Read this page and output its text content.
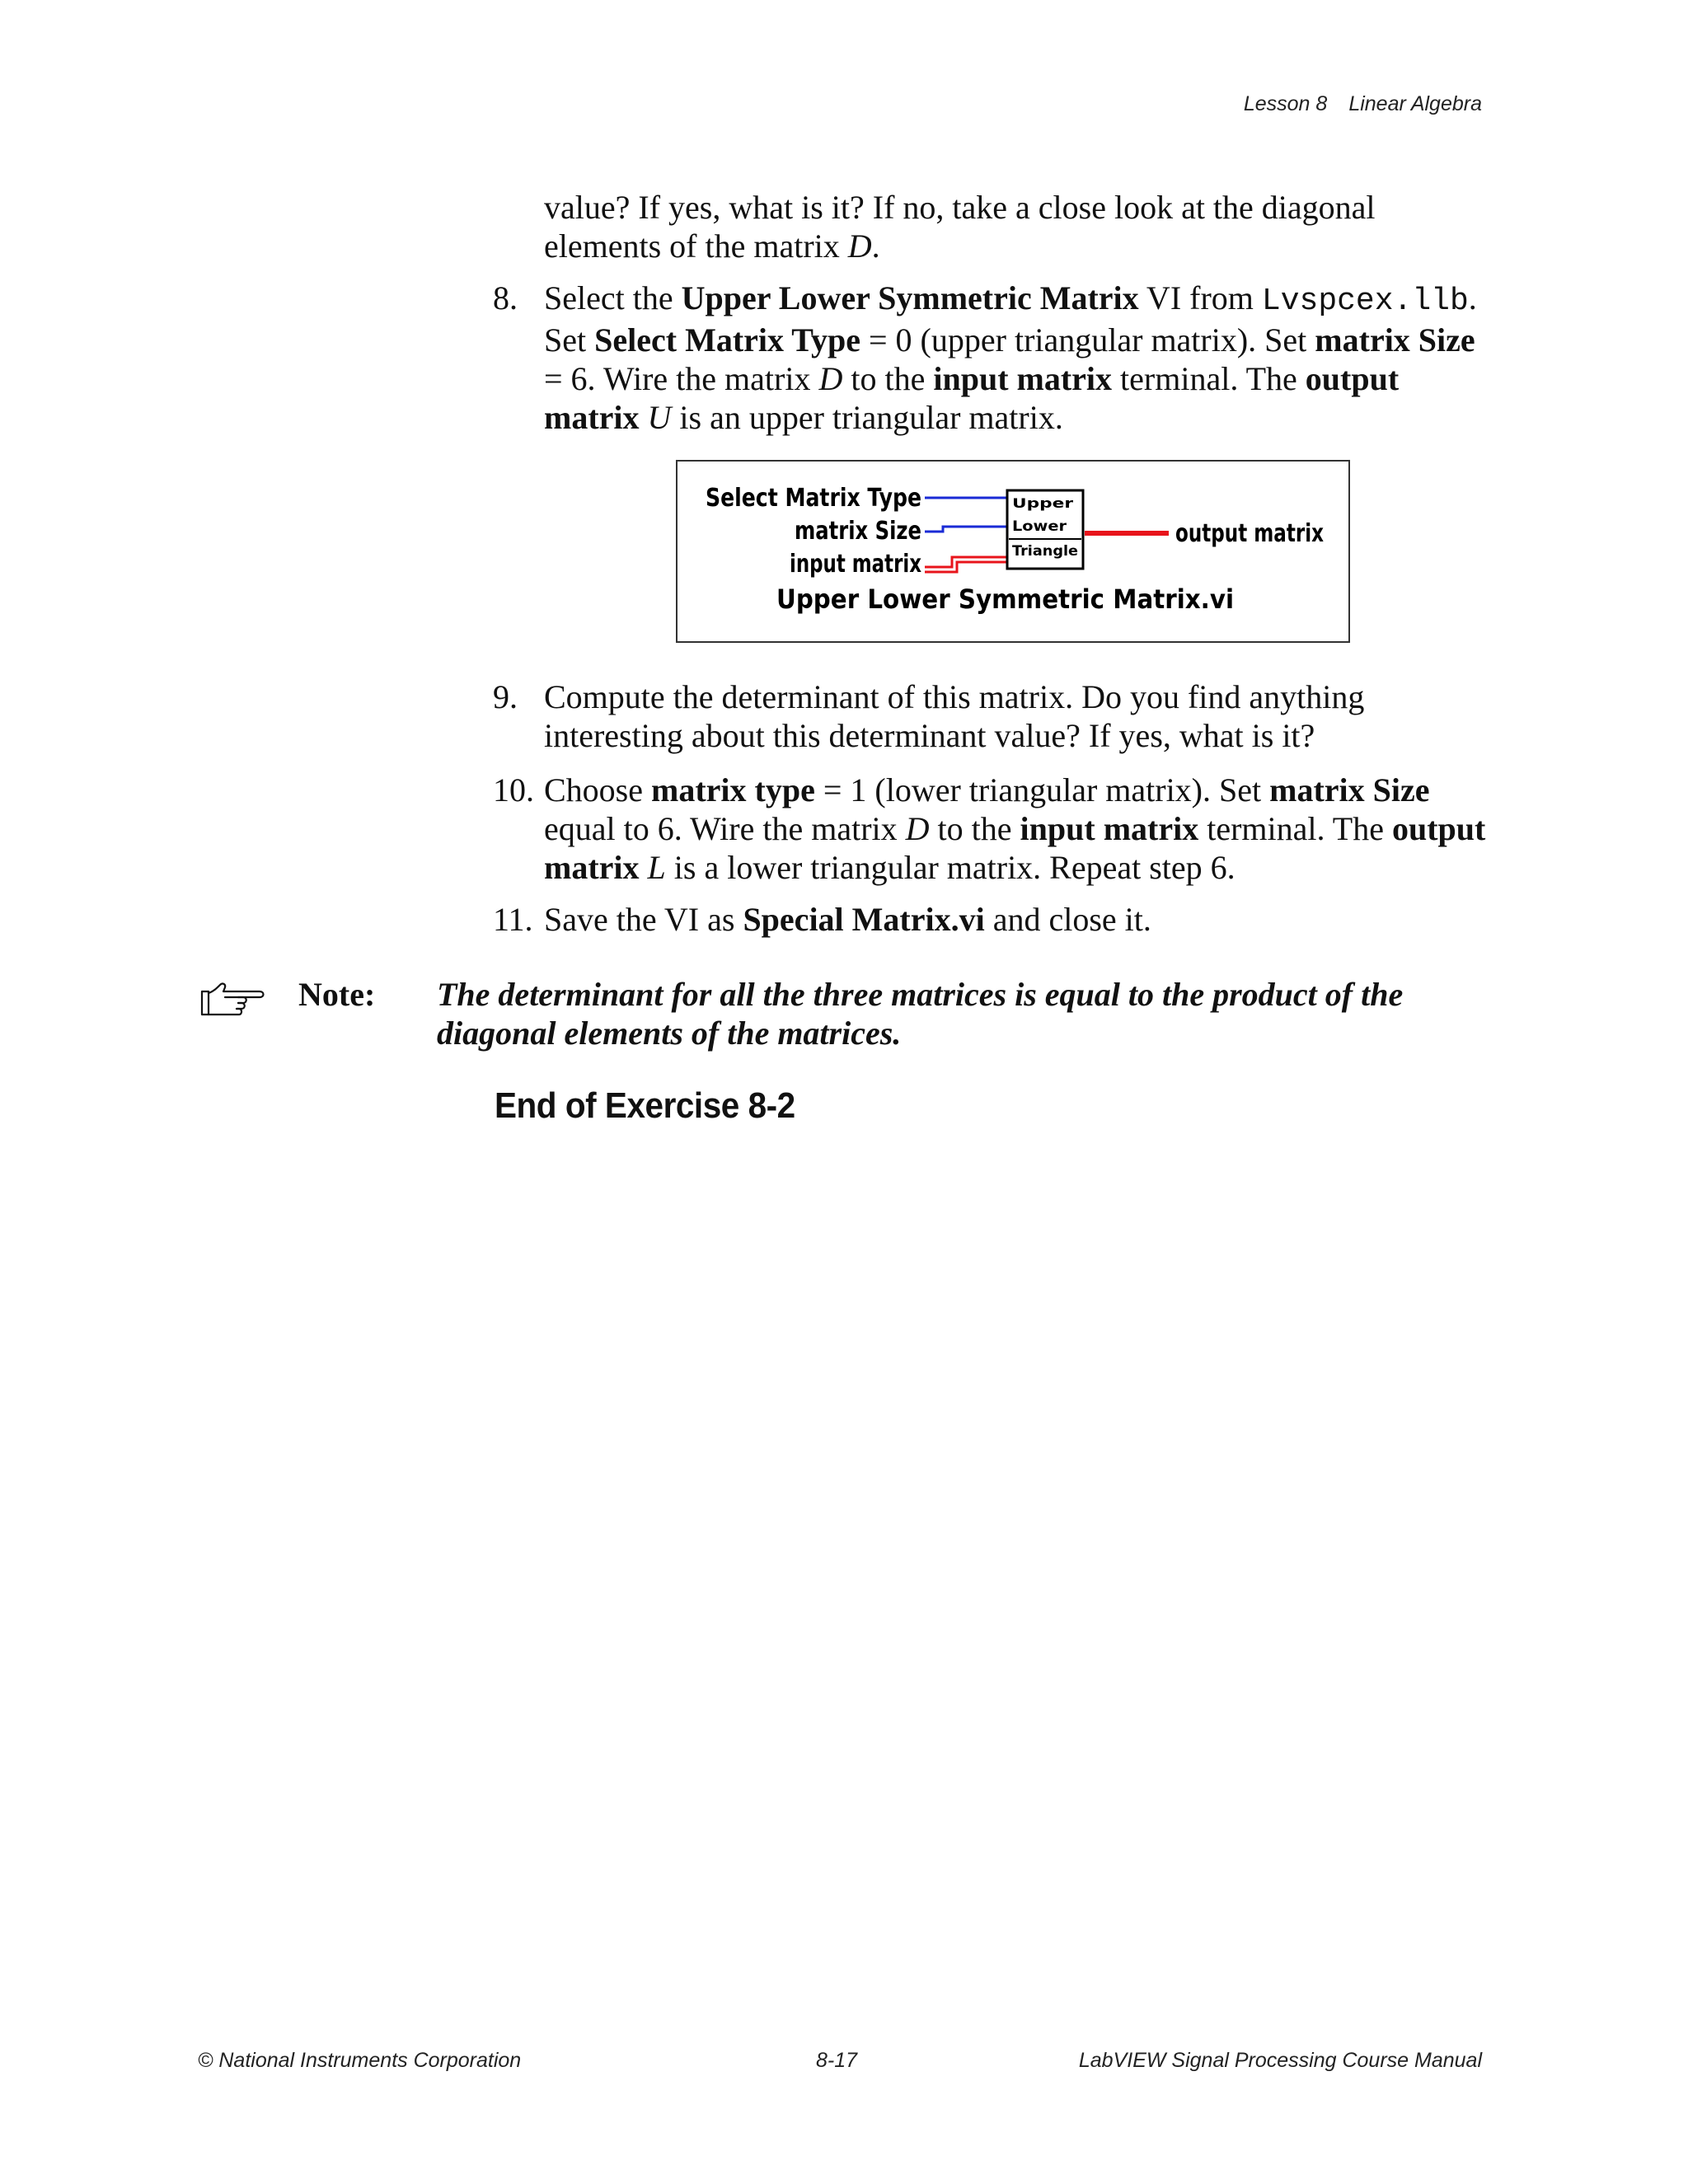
Lesson 8 Linear Algebra
value? If yes, what is it? If no, take a close look at the diagonal elements of the matrix D.
8. Select the Upper Lower Symmetric Matrix VI from Lvspcex.llb. Set Select Matrix Type = 0 (upper triangular matrix). Set matrix Size = 6. Wire the matrix D to the input matrix terminal. The output matrix U is an upper triangular matrix.
Select Matrix Type
matrix Size
input matrix
Upper
Lower
Triangle
output matrix
Upper Lower Symmetric Matrix.vi
9. Compute the determinant of this matrix. Do you find anything interesting about this determinant value? If yes, what is it?
10. Choose matrix type = 1 (lower triangular matrix). Set matrix Size equal to 6. Wire the matrix D to the input matrix terminal. The output matrix L is a lower triangular matrix. Repeat step 6.
11. Save the VI as Special Matrix.vi and close it.
Note: The determinant for all the three matrices is equal to the product of the diagonal elements of the matrices.
End of Exercise 8-2
© National Instruments Corporation	8-17	LabVIEW Signal Processing Course Manual
